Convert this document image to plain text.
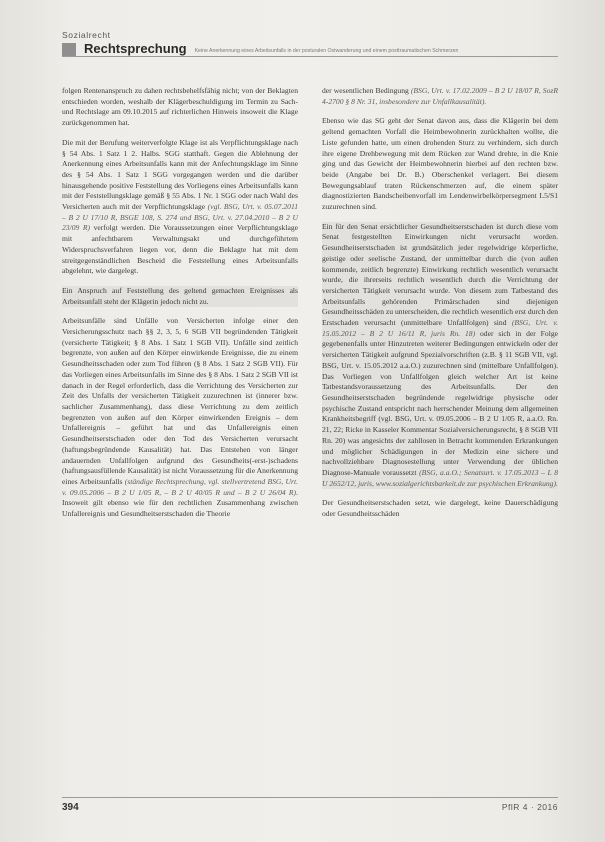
Sozialrecht
Rechtsprechung Keine Anerkennung eines Arbeitsunfalls in der posturalen Ostwanderung und einem posttraumatischen Schmerzen

folgen Rentenanspruch zu dahen rechtsbehelfsfähig nicht; von der Beklagten entschieden worden, weshalb der Klägerbeschuldigung im Termin zu Sach- und Rechtslage am 09.10.2015 auf richterlichen Hinweis insoweit die Klage zurückgenommen hat.

Die mit der Berufung weiterverfolgte Klage ist als Verpflichtungsklage nach § 54 Abs. 1 Satz 1 2. Halbs. SGG statthaft. Gegen die Ablehnung der Anerkennung eines Arbeitsunfalls kann mit der Anfechtungsklage im Sinne des § 54 Abs. 1 Satz 1 SGG vorgegangen werden und die darüber hinausgehende positive Feststellung des Vorliegens eines Arbeitsunfalls kann mit der Feststellungsklage gemäß § 55 Abs. 1 Nr. 1 SGG oder nach Wahl des Versicherten auch mit der Verpflichtungsklage (vgl. BSG, Urt. v. 05.07.2011 – B 2 U 17/10 R, BSGE 108, S. 274 und BSG, Urt. v. 27.04.2010 – B 2 U 23/09 R) verfolgt werden. Die Voraussetzungen einer Verpflichtungsklage mit anfechtbarem Verwaltungsakt und durchgeführtem Widerspruchsverfahren liegen vor, denn die Beklagte hat mit dem streitgegenständlichen Bescheid die Feststellung eines Arbeitsunfalls abgelehnt, wie dargelegt.

Ein Anspruch auf Feststellung des geltend gemachten Ereignisses als Arbeitsunfall steht der Klägerin jedoch nicht zu.

Arbeitsunfälle sind Unfälle von Versicherten infolge einer den Versicherungsschutz nach §§ 2, 3, 5, 6 SGB VII begründenden Tätigkeit (versicherte Tätigkeit; § 8 Abs. 1 Satz 1 SGB VII). Unfälle sind zeitlich begrenzte, von außen auf den Körper einwirkende Ereignisse, die zu einem Gesundheitsschaden oder zum Tod führen (§ 8 Abs. 1 Satz 2 SGB VII). Für das Vorliegen eines Arbeitsunfalls im Sinne des § 8 Abs. 1 Satz 2 SGB VII ist danach in der Regel erforderlich, dass die Verrichtung des Versicherten zur Zeit des Unfalls der versicherten Tätigkeit zuzurechnen ist (innerer bzw. sachlicher Zusammenhang), dass diese Verrichtung zu dem zeitlich begrenzten von außen auf den Körper einwirkenden Ereignis – dem Unfallereignis – geführt hat und das Unfallereignis einen Gesundheitserstschaden oder den Tod des Versicherten verursacht (haftungsbegründende Kausalität) hat. Das Entstehen von länger andauernden Unfallfolgen aufgrund des Gesundheits(-erst-)schadens (haftungsausfüllende Kausalität) ist nicht Voraussetzung für die Anerkennung eines Arbeitsunfalls (ständige Rechtsprechung, vgl. stellvertretend BSG, Urt. v. 09.05.2006 – B 2 U 1/05 R, – B 2 U 40/05 R und – B 2 U 26/04 R). Insoweit gilt ebenso wie für den rechtlichen Zusammenhang zwischen Unfallereignis und Gesundheitserstschaden die Theorie

der wesentlichen Bedingung (BSG, Urt. v. 17.02.2009 – B 2 U 18/07 R, SozR 4-2700 § 8 Nr. 31, insbesondere zur Unfallkausalität).

Ebenso wie das SG geht der Senat davon aus, dass die Klägerin bei dem geltend gemachten Vorfall die Heimbewohnerin zurückhalten wollte, die Liste gefunden hatte, um einen drohenden Sturz zu verhindern, sich durch ihre eigene Drehbewegung mit dem Rücken zur Wand drehte, in die Knie ging und das Gewicht der Heimbewohnerin hierbei auf den rechten bzw. beide (Angabe bei Dr. B.) Oberschenkel verlagert. Bei diesem Bewegungsablauf traten Rückenschmerzen auf, die einem später diagnostizierten Bandscheibenvorfall im Lendenwirbelkörpersegment L5/S1 zuzurechnen sind.

Ein für den Senat ersichtlicher Gesundheitserstschaden ist durch diese vom Senat festgestellten Einwirkungen nicht verursacht worden. Gesundheitserstschaden ist grundsätzlich jeder regelwidrige körperliche, geistige oder seelische Zustand, der unmittelbar durch die (von außen kommende, zeitlich begrenzte) Einwirkung rechtlich wesentlich verursacht wurde, die ihrerseits rechtlich wesentlich durch die Verrichtung der versicherten Tätigkeit verursacht wurde. Von diesem zum Tatbestand des Arbeitsunfalls gehörenden Primärschaden sind diejenigen Gesundheitsschäden zu unterscheiden, die rechtlich wesentlich erst durch den Erstschaden verursacht (unmittelbare Unfallfolgen) sind (BSG, Urt. v. 15.05.2012 – B 2 U 16/11 R, juris Rn. 18) oder sich in der Folge gegebenenfalls unter Hinzutreten weiterer Bedingungen entwickeln oder der versicherten Tätigkeit aufgrund Spezialvorschriften (z.B. § 11 SGB VII, vgl. BSG, Urt. v. 15.05.2012 a.a.O.) zuzurechnen sind (mittelbare Unfallfolgen). Das Vorliegen von Unfallfolgen gleich welcher Art ist keine Tatbestandsvoraussetzung des Arbeitsunfalls. Der den Gesundheitserstschaden begründende regelwidrige physische oder psychische Zustand entspricht nach herrschender Meinung dem allgemeinen Krankheitsbegriff (vgl. BSG, Urt. v. 09.05.2006 – B 2 U 1/05 R, a.a.O. Rn. 21, 22; Ricke in Kasseler Kommentar Sozialversicherungsrecht, § 8 SGB VII Rn. 20) was angesichts der zahllosen in Betracht kommenden Erkrankungen und möglicher Schädigungen in der Medizin eine sichere und nachvollziehbare Diagnosestellung unter Verwendung der üblichen Diagnose-Manuale voraussetzt (BSG, a.a.O.; Senatsurt. v. 17.05.2013 – L 8 U 2652/12, juris, www.sozialgerichtsbarkeit.de zur psychischen Erkrankung).

Der Gesundheitserstschaden setzt, wie dargelegt, keine Dauerschädigung oder Gesundheitsschäden

394	PflR 4 · 2016
